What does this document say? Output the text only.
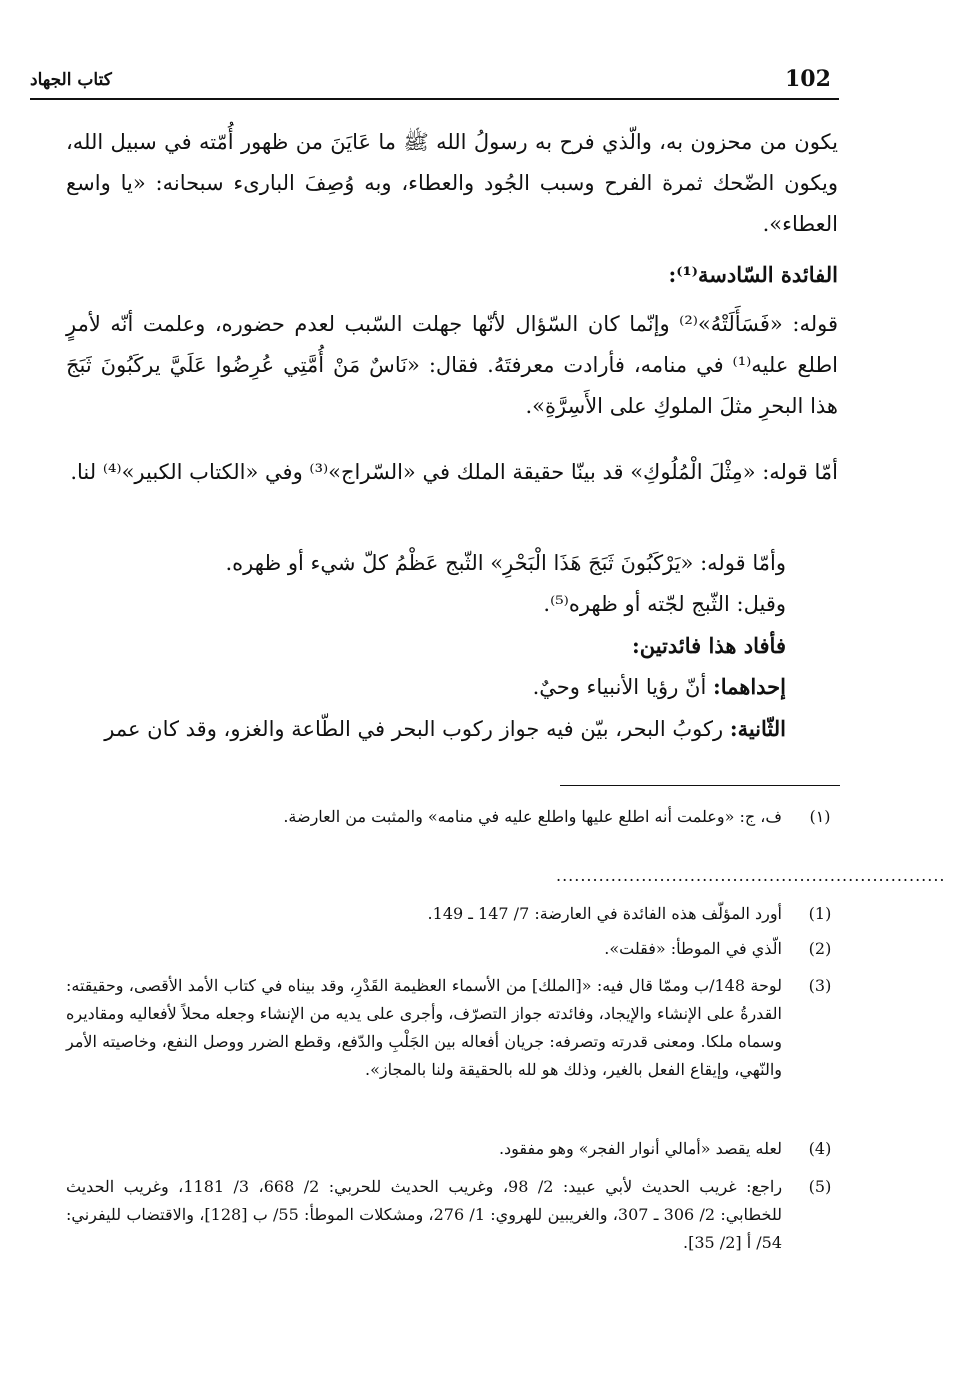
102
كتاب الجهاد

يكون من محزون به، والّذي فرح به رسولُ الله ﷺ ما عَايَنَ من ظهور أُمّته في سبيل الله، ويكون الضّحك ثمرة الفرح وسبب الجُود والعطاء، وبه وُصِفَ البارىء سبحانه: «يا واسع العطاء».

الفائدة السّادسة⁽¹⁾:

قوله: «فَسَأَلَتْهُ»⁽²⁾ وإنّما كان السّؤال لأنّها جهلت السّبب لعدم حضوره، وعلمت أنّه لأمرٍ اطلع عليه⁽¹⁾ في منامه، فأرادت معرفتَهُ. فقال: «نَاسٌ مَنْ أُمَّتِي عُرِضُوا عَلَيَّ يركَبُونَ ثَبَجَ هذا البحرِ مثلَ الملوكِ على الأَسِرَّةِ».

أمّا قوله: «مِثْلَ الْمُلُوكِ» قد بينّا حقيقة الملك في «السّراج»⁽³⁾ وفي «الكتاب الكبير»⁽⁴⁾ لنا.

وأمّا قوله: «يَرْكَبُونَ ثَبَجَ هَذَا الْبَحْرِ» الثّبج عَظْمُ كلّ شيء أو ظهره.

وقيل: الثّبج لجّته أو ظهره⁽⁵⁾.

فأفاد هذا فائدتين:

إحداهما: أنّ رؤيا الأنبياء وحيٌ.

الثّانية: ركوبُ البحر، بيّن فيه جواز ركوب البحر في الطّاعة والغزو، وقد كان عمر

(١)
ف، ج: «وعلمت أنه اطلع عليها واطلع عليه في منامه» والمثبت من العارضة.
................................................................
(1)
أورد المؤلّف هذه الفائدة في العارضة: 7/ 147 ـ 149.
(2)
الّذي في الموطأ: «فقلت».
(3)
لوحة 148/ب وممّا قال فيه: «[الملك] من الأسماء العظيمة القَدْرِ، وقد بيناه في كتاب الأمد الأقصى، وحقيقته: القدرةُ على الإنشاء والإيجاد، وفائدته جواز التصرّف، وأجرى على يديه من الإنشاء وجعله محلاً لأفعاليه ومقاديره وسماه ملكا. ومعنى قدرته وتصرفه: جريان أفعاله بين الجَلْبِ والدّفع، وقطع الضرر ووصل النفع، وخاصيته الأمر والنّهي، وإيقاع الفعل بالغير، وذلك هو لله بالحقيقة ولنا بالمجاز».
(4)
لعله يقصد «أمالي أنوار الفجر» وهو مفقود.
(5)
راجع: غريب الحديث لأبي عبيد: 2/ 98، وغريب الحديث للحربي: 2/ 668، 3/ 1181، وغريب الحديث للخطابي: 2/ 306 ـ 307، والغريبين للهروي: 1/ 276، ومشكلات الموطأ: 55/ ب [128]، والاقتضاب لليفرني: 54/ أ [2/ 35].
